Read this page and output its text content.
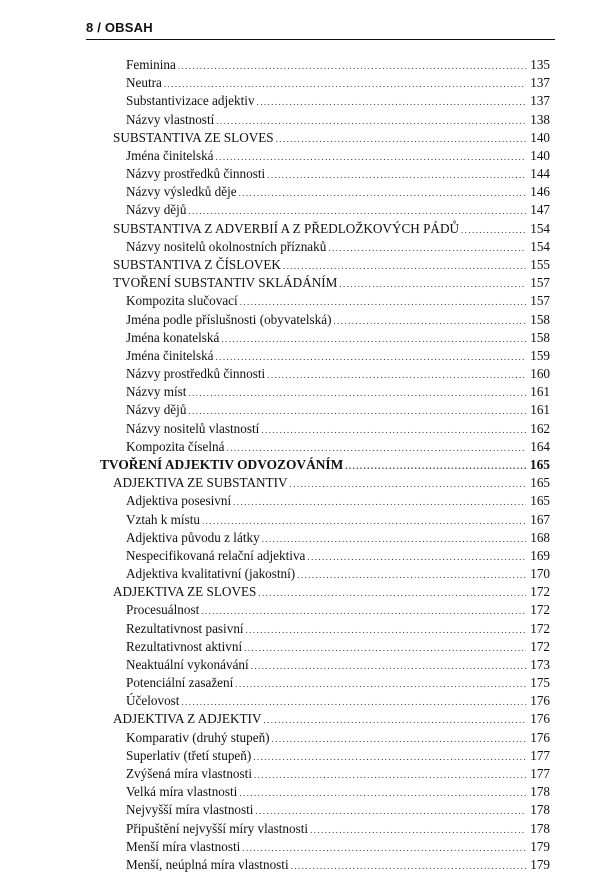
8 / OBSAH
Feminina .....	135
Neutra .....	137
Substantivizace adjektiv .....	137
Názvy vlastností .....	138
SUBSTANTIVA ZE SLOVES .....	140
Jména činitelská .....	140
Názvy prostředků činnosti .....	144
Názvy výsledků děje .....	146
Názvy dějů .....	147
SUBSTANTIVA Z ADVERBIÍ A Z PŘEDLOŽKOVÝCH PÁDŮ .....	154
Názvy nositelů okolnostních příznaků .....	154
SUBSTANTIVA Z ČÍSLOVEK .....	155
TVOŘENÍ SUBSTANTIV SKLÁDÁNÍM .....	157
Kompozita slučovací .....	157
Jména podle příslušnosti (obyvatelská) .....	158
Jména konatelská .....	158
Jména činitelská .....	159
Názvy prostředků činnosti .....	160
Názvy míst .....	161
Názvy dějů .....	161
Názvy nositelů vlastností .....	162
Kompozita číselná .....	164
TVOŘENÍ ADJEKTIV ODVOZOVÁNÍM .....	165
ADJEKTIVA ZE SUBSTANTIV .....	165
Adjektiva posesivní .....	165
Vztah k místu .....	167
Adjektiva původu z látky .....	168
Nespecifikovaná relační adjektiva .....	169
Adjektiva kvalitativní (jakostní) .....	170
ADJEKTIVA ZE SLOVES .....	172
Procesuálnost .....	172
Rezultativnost pasivní .....	172
Rezultativnost aktivní .....	172
Neaktuální vykonávání .....	173
Potenciální zasažení .....	175
Účelovost .....	176
ADJEKTIVA Z ADJEKTIV .....	176
Komparativ (druhý stupeň) .....	176
Superlativ (třetí stupeň) .....	177
Zvýšená míra vlastnosti .....	177
Velká míra vlastnosti .....	178
Nejvyšší míra vlastnosti .....	178
Připuštění nejvyšší míry vlastnosti .....	178
Menší míra vlastnosti .....	179
Menší, neúplná míra vlastnosti .....	179
